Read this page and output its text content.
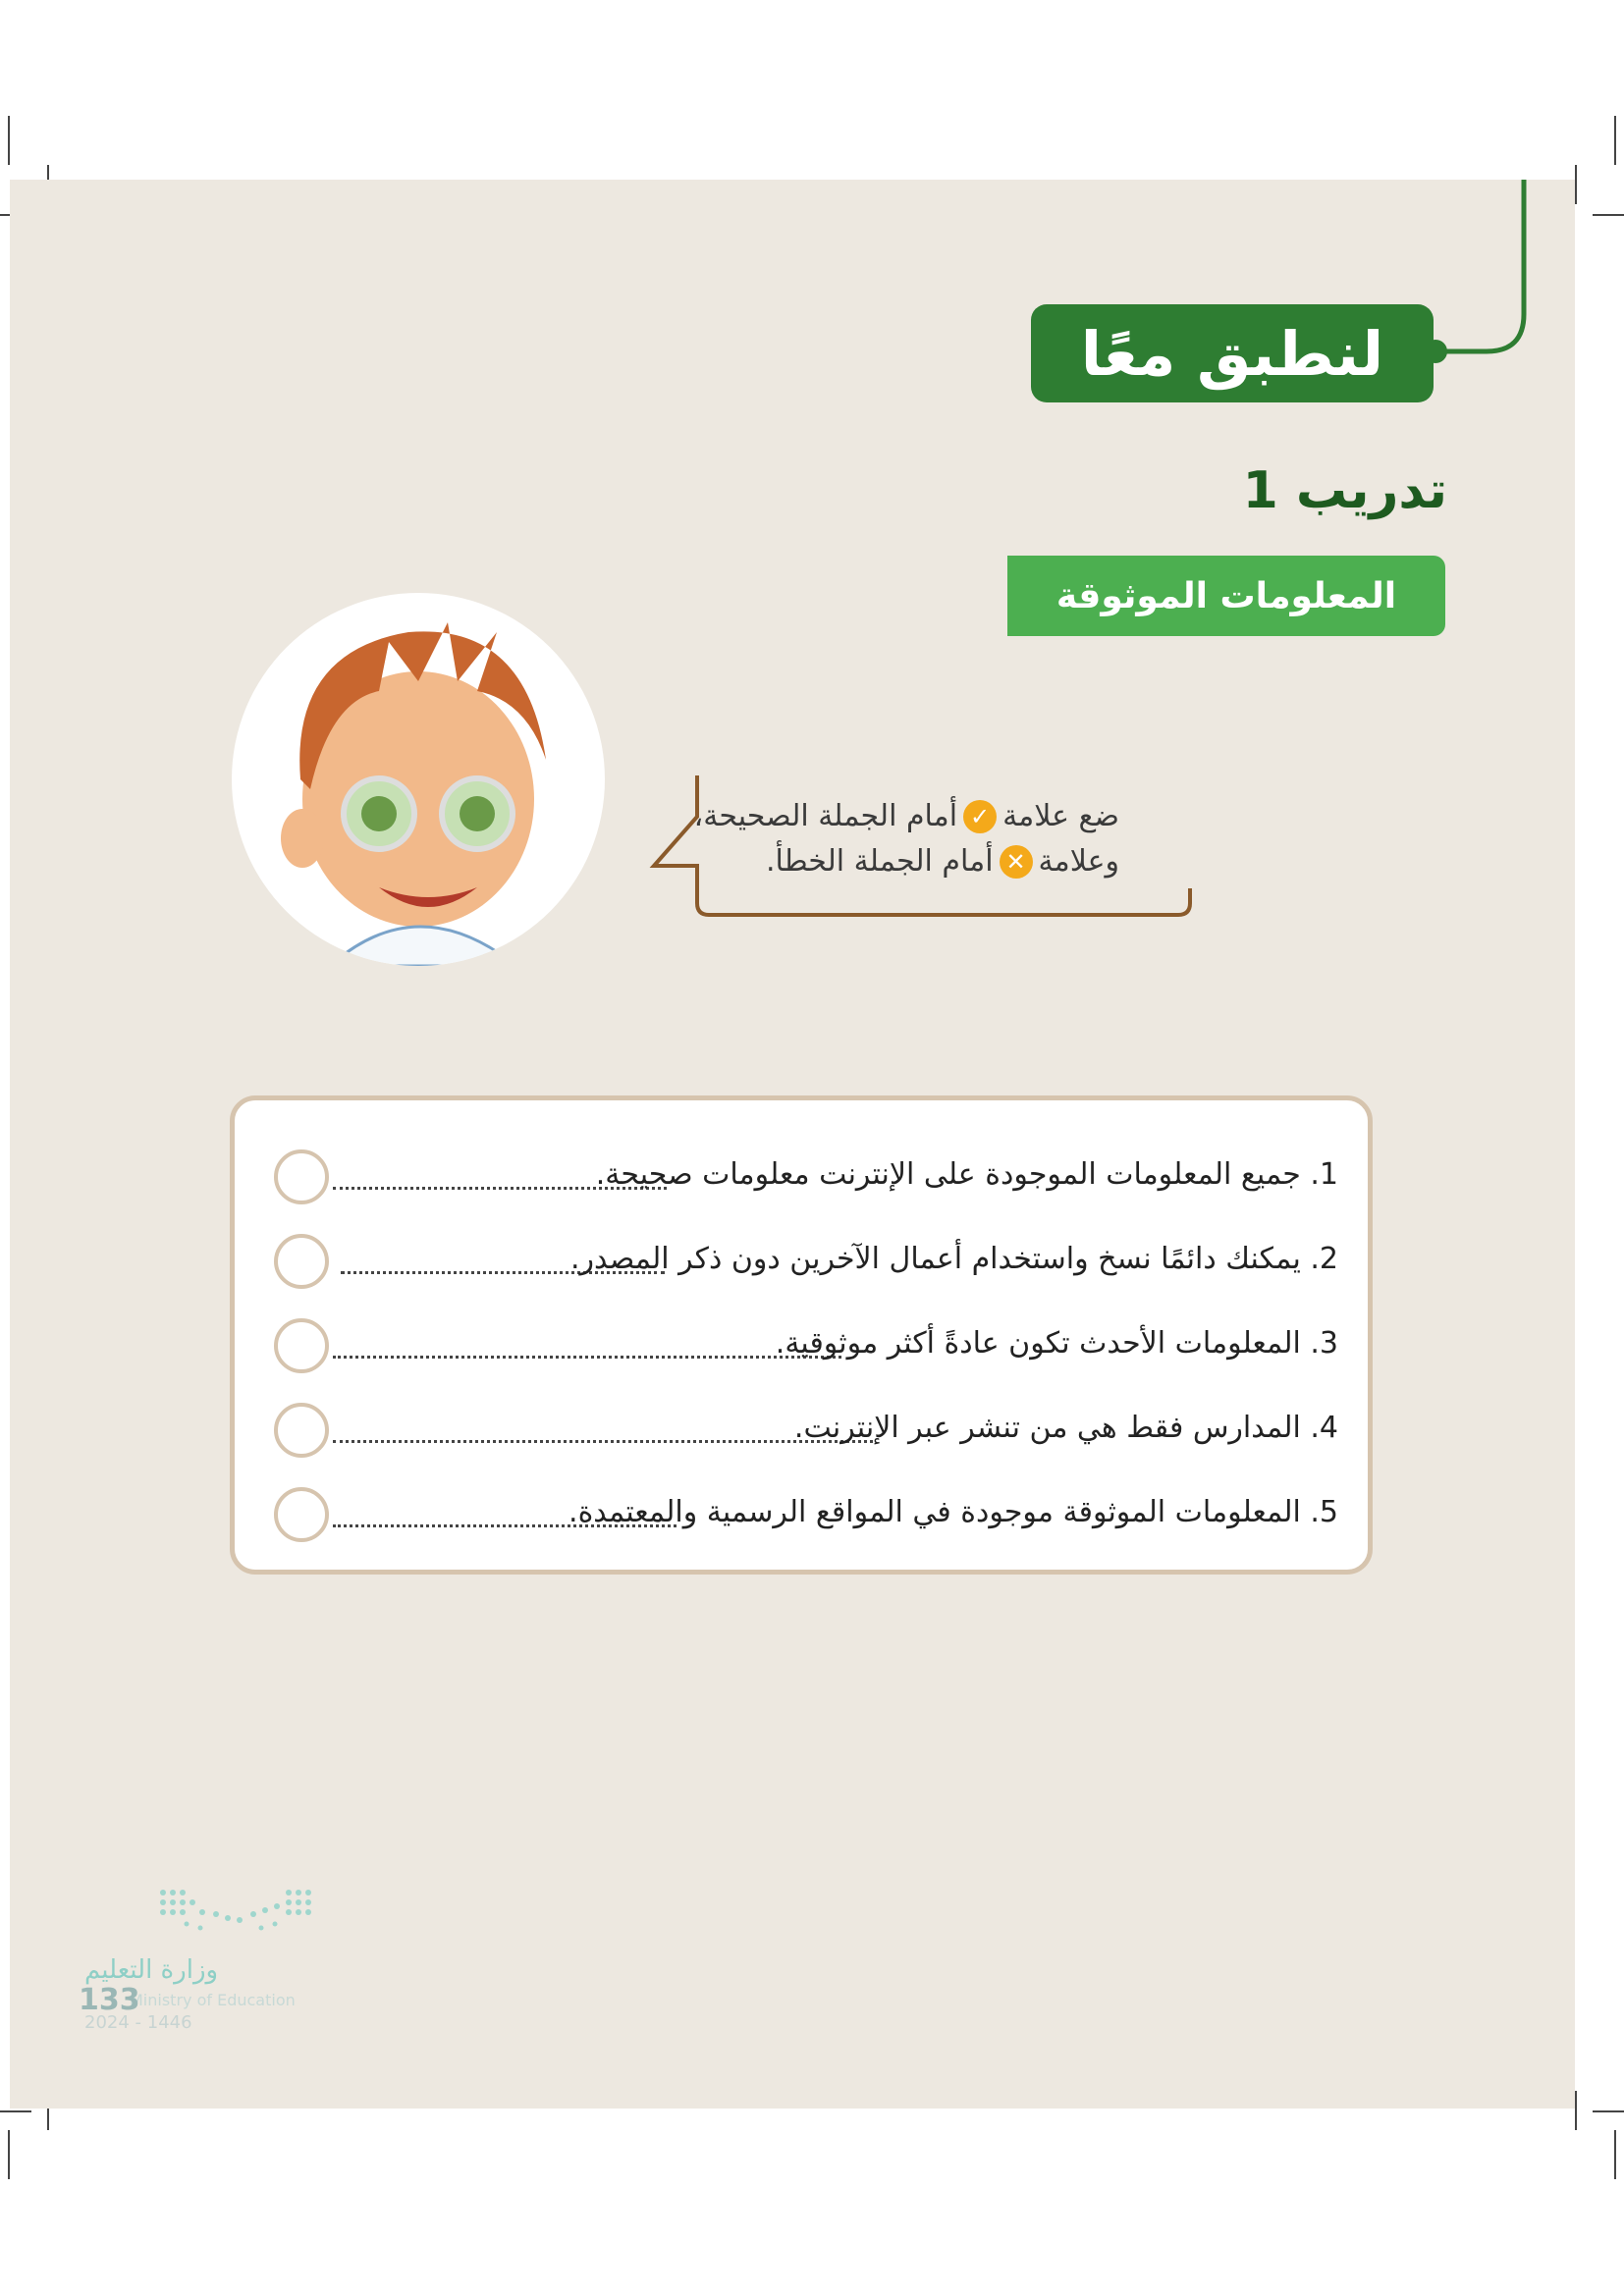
لنطبق معًا
تدريب 1
المعلومات الموثوقة
ضع علامة
✓
أمام الجملة الصحيحة،
وعلامة
✕
أمام الجملة الخطأ.
1. جميع المعلومات الموجودة على الإنترنت معلومات صحيحة.
2. يمكنك دائمًا نسخ واستخدام أعمال الآخرين دون ذكر المصدر.
3. المعلومات الأحدث تكون عادةً أكثر موثوقية.
4. المدارس فقط هي من تنشر عبر الإنترنت.
5. المعلومات الموثوقة موجودة في المواقع الرسمية والمعتمدة.
وزارة التعليم
Ministry of Education
133
2024 - 1446
